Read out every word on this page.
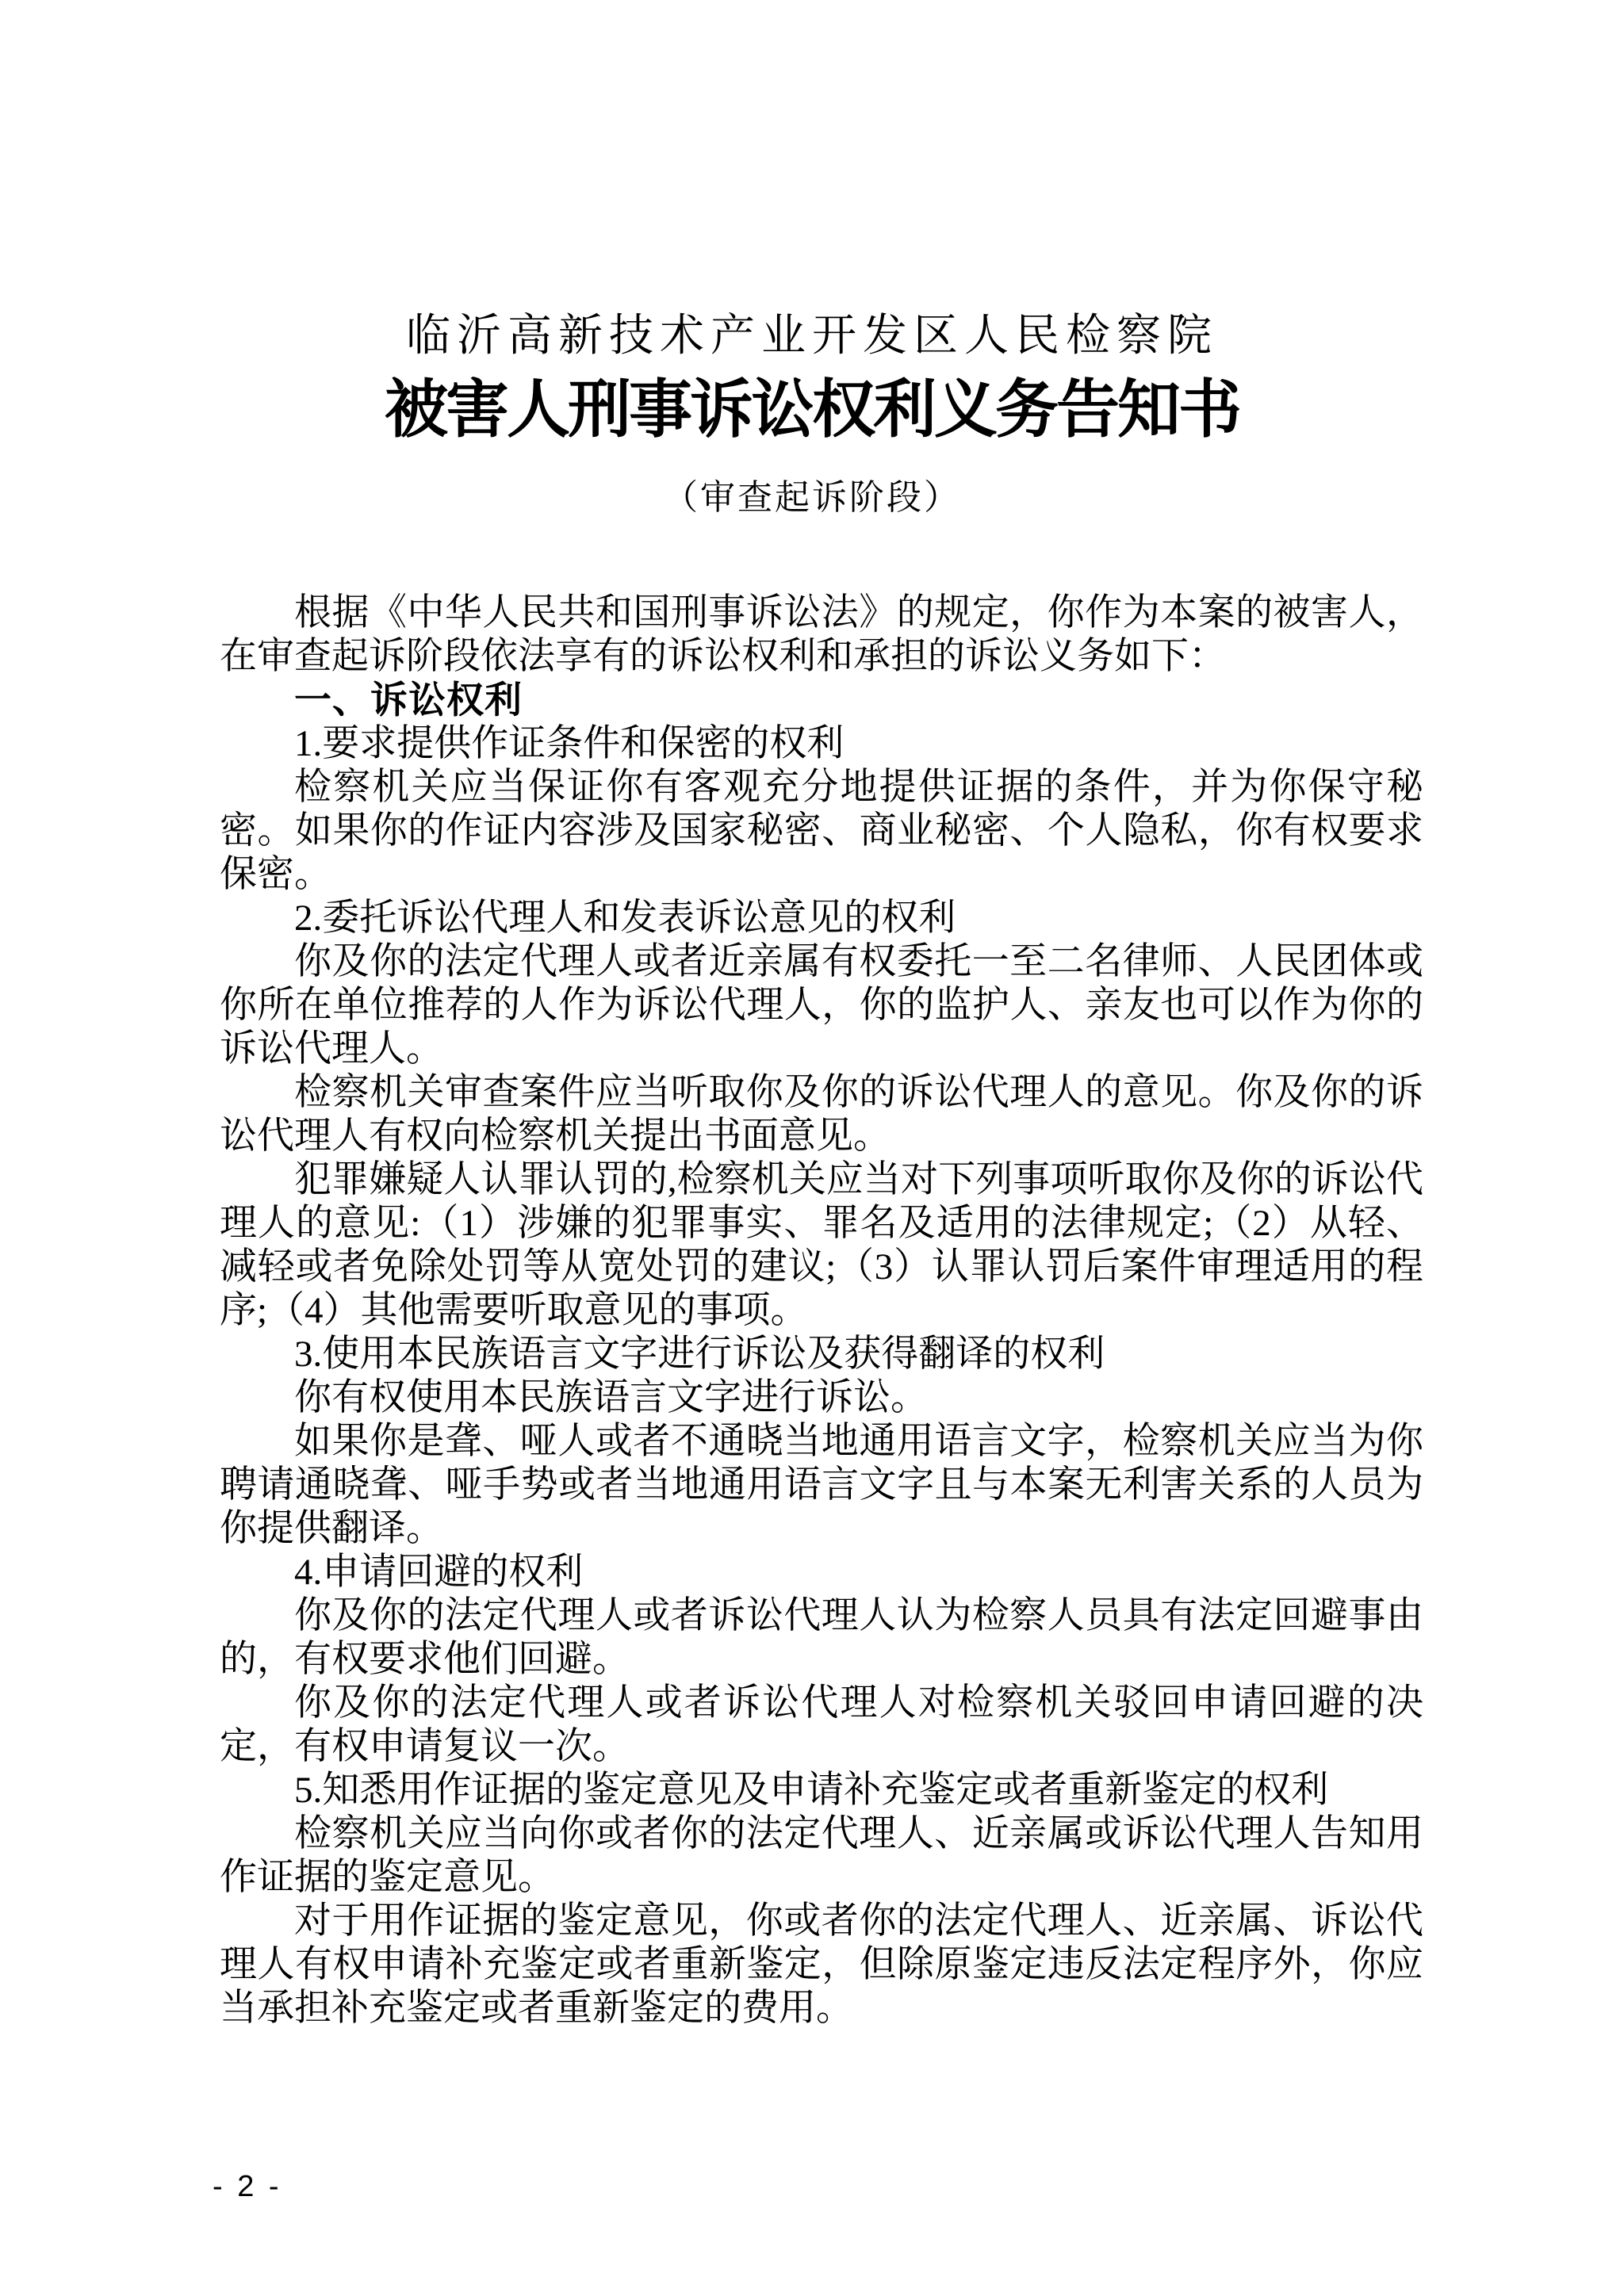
临沂高新技术产业开发区人民检察院
被害人刑事诉讼权利义务告知书
（审查起诉阶段）

根据《中华人民共和国刑事诉讼法》的规定，你作为本案的被害人，在审查起诉阶段依法享有的诉讼权利和承担的诉讼义务如下：

一、诉讼权利

1.要求提供作证条件和保密的权利

检察机关应当保证你有客观充分地提供证据的条件，并为你保守秘密。如果你的作证内容涉及国家秘密、商业秘密、个人隐私，你有权要求保密。

2.委托诉讼代理人和发表诉讼意见的权利

你及你的法定代理人或者近亲属有权委托一至二名律师、人民团体或你所在单位推荐的人作为诉讼代理人，你的监护人、亲友也可以作为你的诉讼代理人。

检察机关审查案件应当听取你及你的诉讼代理人的意见。你及你的诉讼代理人有权向检察机关提出书面意见。

犯罪嫌疑人认罪认罚的,检察机关应当对下列事项听取你及你的诉讼代理人的意见:（1）涉嫌的犯罪事实、罪名及适用的法律规定;（2）从轻、减轻或者免除处罚等从宽处罚的建议;（3）认罪认罚后案件审理适用的程序;（4）其他需要听取意见的事项。

3.使用本民族语言文字进行诉讼及获得翻译的权利

你有权使用本民族语言文字进行诉讼。

如果你是聋、哑人或者不通晓当地通用语言文字，检察机关应当为你聘请通晓聋、哑手势或者当地通用语言文字且与本案无利害关系的人员为你提供翻译。

4.申请回避的权利

你及你的法定代理人或者诉讼代理人认为检察人员具有法定回避事由的，有权要求他们回避。

你及你的法定代理人或者诉讼代理人对检察机关驳回申请回避的决定，有权申请复议一次。

5.知悉用作证据的鉴定意见及申请补充鉴定或者重新鉴定的权利

检察机关应当向你或者你的法定代理人、近亲属或诉讼代理人告知用作证据的鉴定意见。

对于用作证据的鉴定意见，你或者你的法定代理人、近亲属、诉讼代理人有权申请补充鉴定或者重新鉴定，但除原鉴定违反法定程序外，你应当承担补充鉴定或者重新鉴定的费用。

- 2 -
